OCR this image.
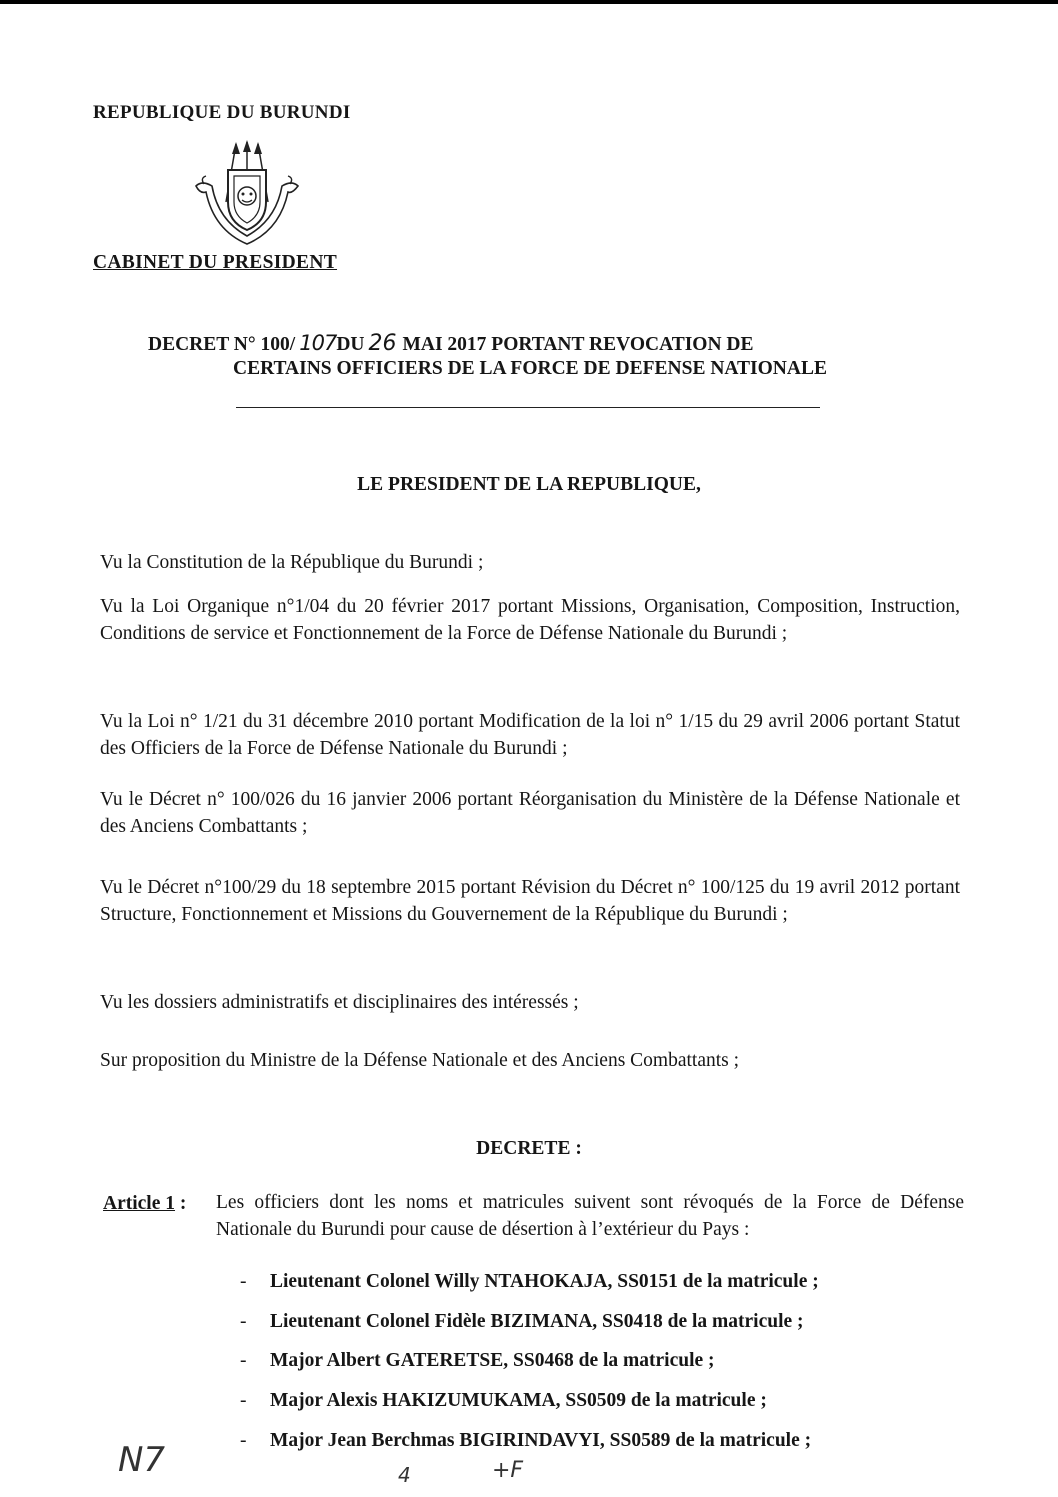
REPUBLIQUE DU BURUNDI
CABINET DU PRESIDENT
DECRET N° 100/ 107DU 26 MAI 2017 PORTANT REVOCATION DE
CERTAINS OFFICIERS DE LA FORCE DE DEFENSE NATIONALE
LE PRESIDENT DE LA REPUBLIQUE,
Vu la Constitution de la République du Burundi ;
Vu la Loi Organique n°1/04 du 20 février 2017 portant Missions, Organisation, Composition, Instruction, Conditions de service et Fonctionnement de la Force de Défense Nationale du Burundi ;
Vu la Loi n° 1/21 du 31 décembre 2010 portant Modification de la loi n° 1/15 du 29 avril 2006 portant Statut des Officiers de la Force de Défense Nationale du Burundi ;
Vu le Décret n° 100/026 du 16 janvier 2006 portant Réorganisation du Ministère de la Défense Nationale et des Anciens Combattants ;
Vu le Décret n°100/29 du 18 septembre 2015 portant Révision du Décret n° 100/125 du 19 avril 2012 portant Structure, Fonctionnement et Missions du Gouvernement de la République du Burundi ;
Vu les dossiers administratifs et disciplinaires des intéressés ;
Sur proposition du Ministre de la Défense Nationale et des Anciens Combattants ;
DECRETE :
Article 1 : Les officiers dont les noms et matricules suivent sont révoqués de la Force de Défense Nationale du Burundi pour cause de désertion à l’extérieur du Pays :
- Lieutenant Colonel Willy NTAHOKAJA, SS0151 de la matricule ;
- Lieutenant Colonel Fidèle BIZIMANA, SS0418 de la matricule ;
- Major Albert GATERETSE, SS0468 de la matricule ;
- Major Alexis HAKIZUMUKAMA, SS0509 de la matricule ;
- Major Jean Berchmas BIGIRINDAVYI, SS0589 de la matricule ;
N7	4	+F
